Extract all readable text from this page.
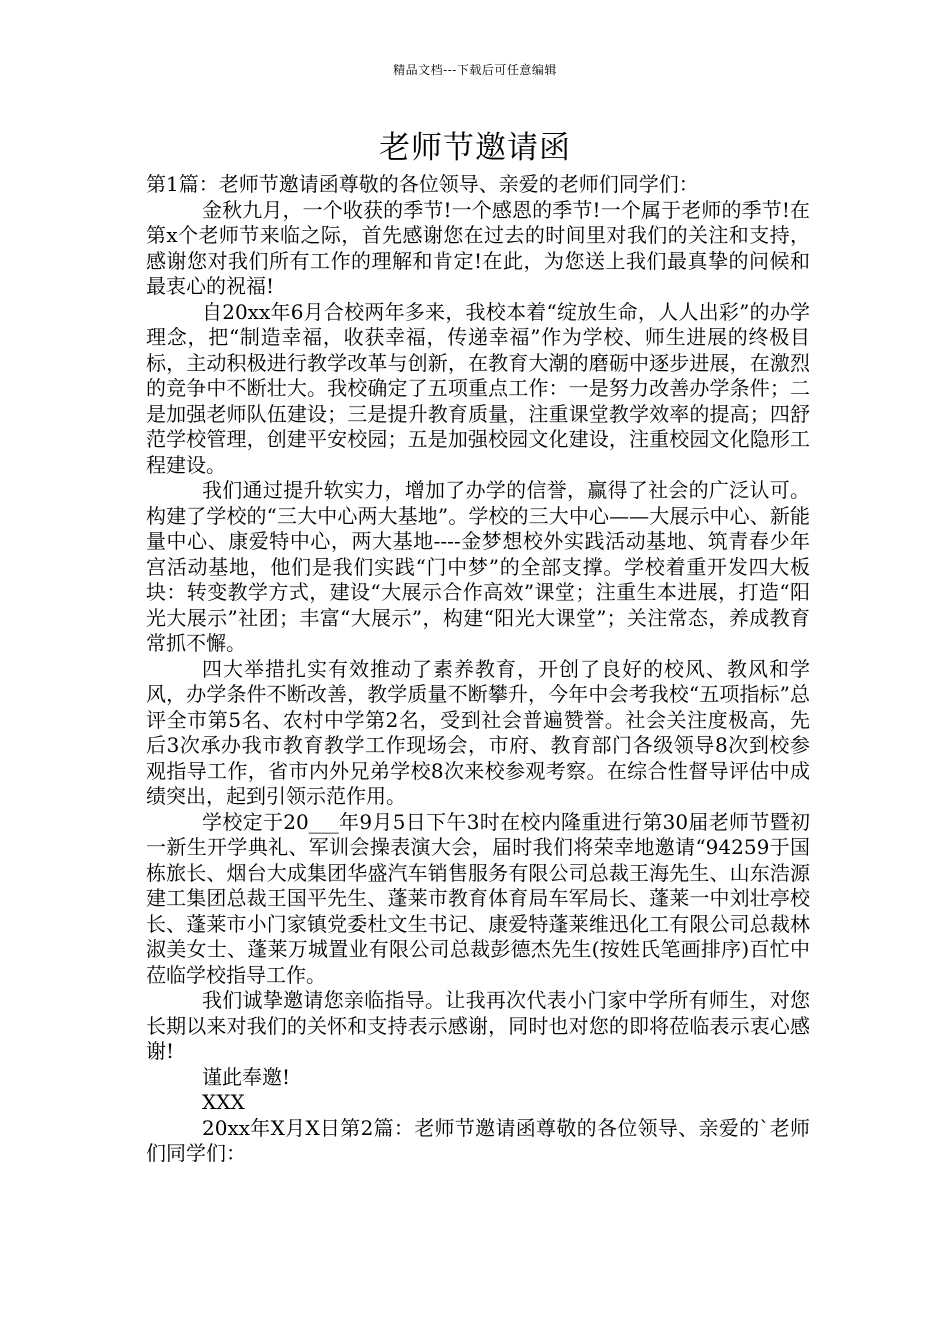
精品文档---下载后可任意编辑
老师节邀请函

第1篇：老师节邀请函尊敬的各位领导、亲爱的老师们同学们：

金秋九月，一个收获的季节!一个感恩的季节!一个属于老师的季节!在第x个老师节来临之际，首先感谢您在过去的时间里对我们的关注和支持，感谢您对我们所有工作的理解和肯定!在此，为您送上我们最真挚的问候和最衷心的祝福!

自20xx年6月合校两年多来，我校本着“绽放生命，人人出彩”的办学理念，把“制造幸福，收获幸福，传递幸福”作为学校、师生进展的终极目标，主动积极进行教学改革与创新，在教育大潮的磨砺中逐步进展，在激烈的竞争中不断壮大。我校确定了五项重点工作：一是努力改善办学条件；二是加强老师队伍建设；三是提升教育质量，注重课堂教学效率的提高；四舒范学校管理，创建平安校园；五是加强校园文化建设，注重校园文化隐形工程建设。

我们通过提升软实力，增加了办学的信誉，赢得了社会的广泛认可。构建了学校的“三大中心两大基地”。学校的三大中心——大展示中心、新能量中心、康爱特中心，两大基地----金梦想校外实践活动基地、筑青春少年宫活动基地，他们是我们实践“门中梦”的全部支撑。学校着重开发四大板块：转变教学方式，建设“大展示合作高效”课堂；注重生本进展，打造“阳光大展示”社团；丰富“大展示”，构建“阳光大课堂”；关注常态，养成教育常抓不懈。

四大举措扎实有效推动了素养教育，开创了良好的校风、教风和学风，办学条件不断改善，教学质量不断攀升，今年中会考我校“五项指标”总评全市第5名、农村中学第2名，受到社会普遍赞誉。社会关注度极高，先后3次承办我市教育教学工作现场会，市府、教育部门各级领导8次到校参观指导工作，省市内外兄弟学校8次来校参观考察。在综合性督导评估中成绩突出，起到引领示范作用。

学校定于20___年9月5日下午3时在校内隆重进行第30届老师节暨初一新生开学典礼、军训会操表演大会，届时我们将荣幸地邀请“94259于国栋旅长、烟台大成集团华盛汽车销售服务有限公司总裁王海先生、山东浩源建工集团总裁王国平先生、蓬莱市教育体育局车军局长、蓬莱一中刘壮亭校长、蓬莱市小门家镇党委杜文生书记、康爱特蓬莱维迅化工有限公司总裁林淑美女士、蓬莱万城置业有限公司总裁彭德杰先生(按姓氏笔画排序)百忙中莅临学校指导工作。

我们诚挚邀请您亲临指导。让我再次代表小门家中学所有师生，对您长期以来对我们的关怀和支持表示感谢，同时也对您的即将莅临表示衷心感谢!

谨此奉邀!

XXX

20xx年X月X日第2篇：老师节邀请函尊敬的各位领导、亲爱的`老师们同学们：
